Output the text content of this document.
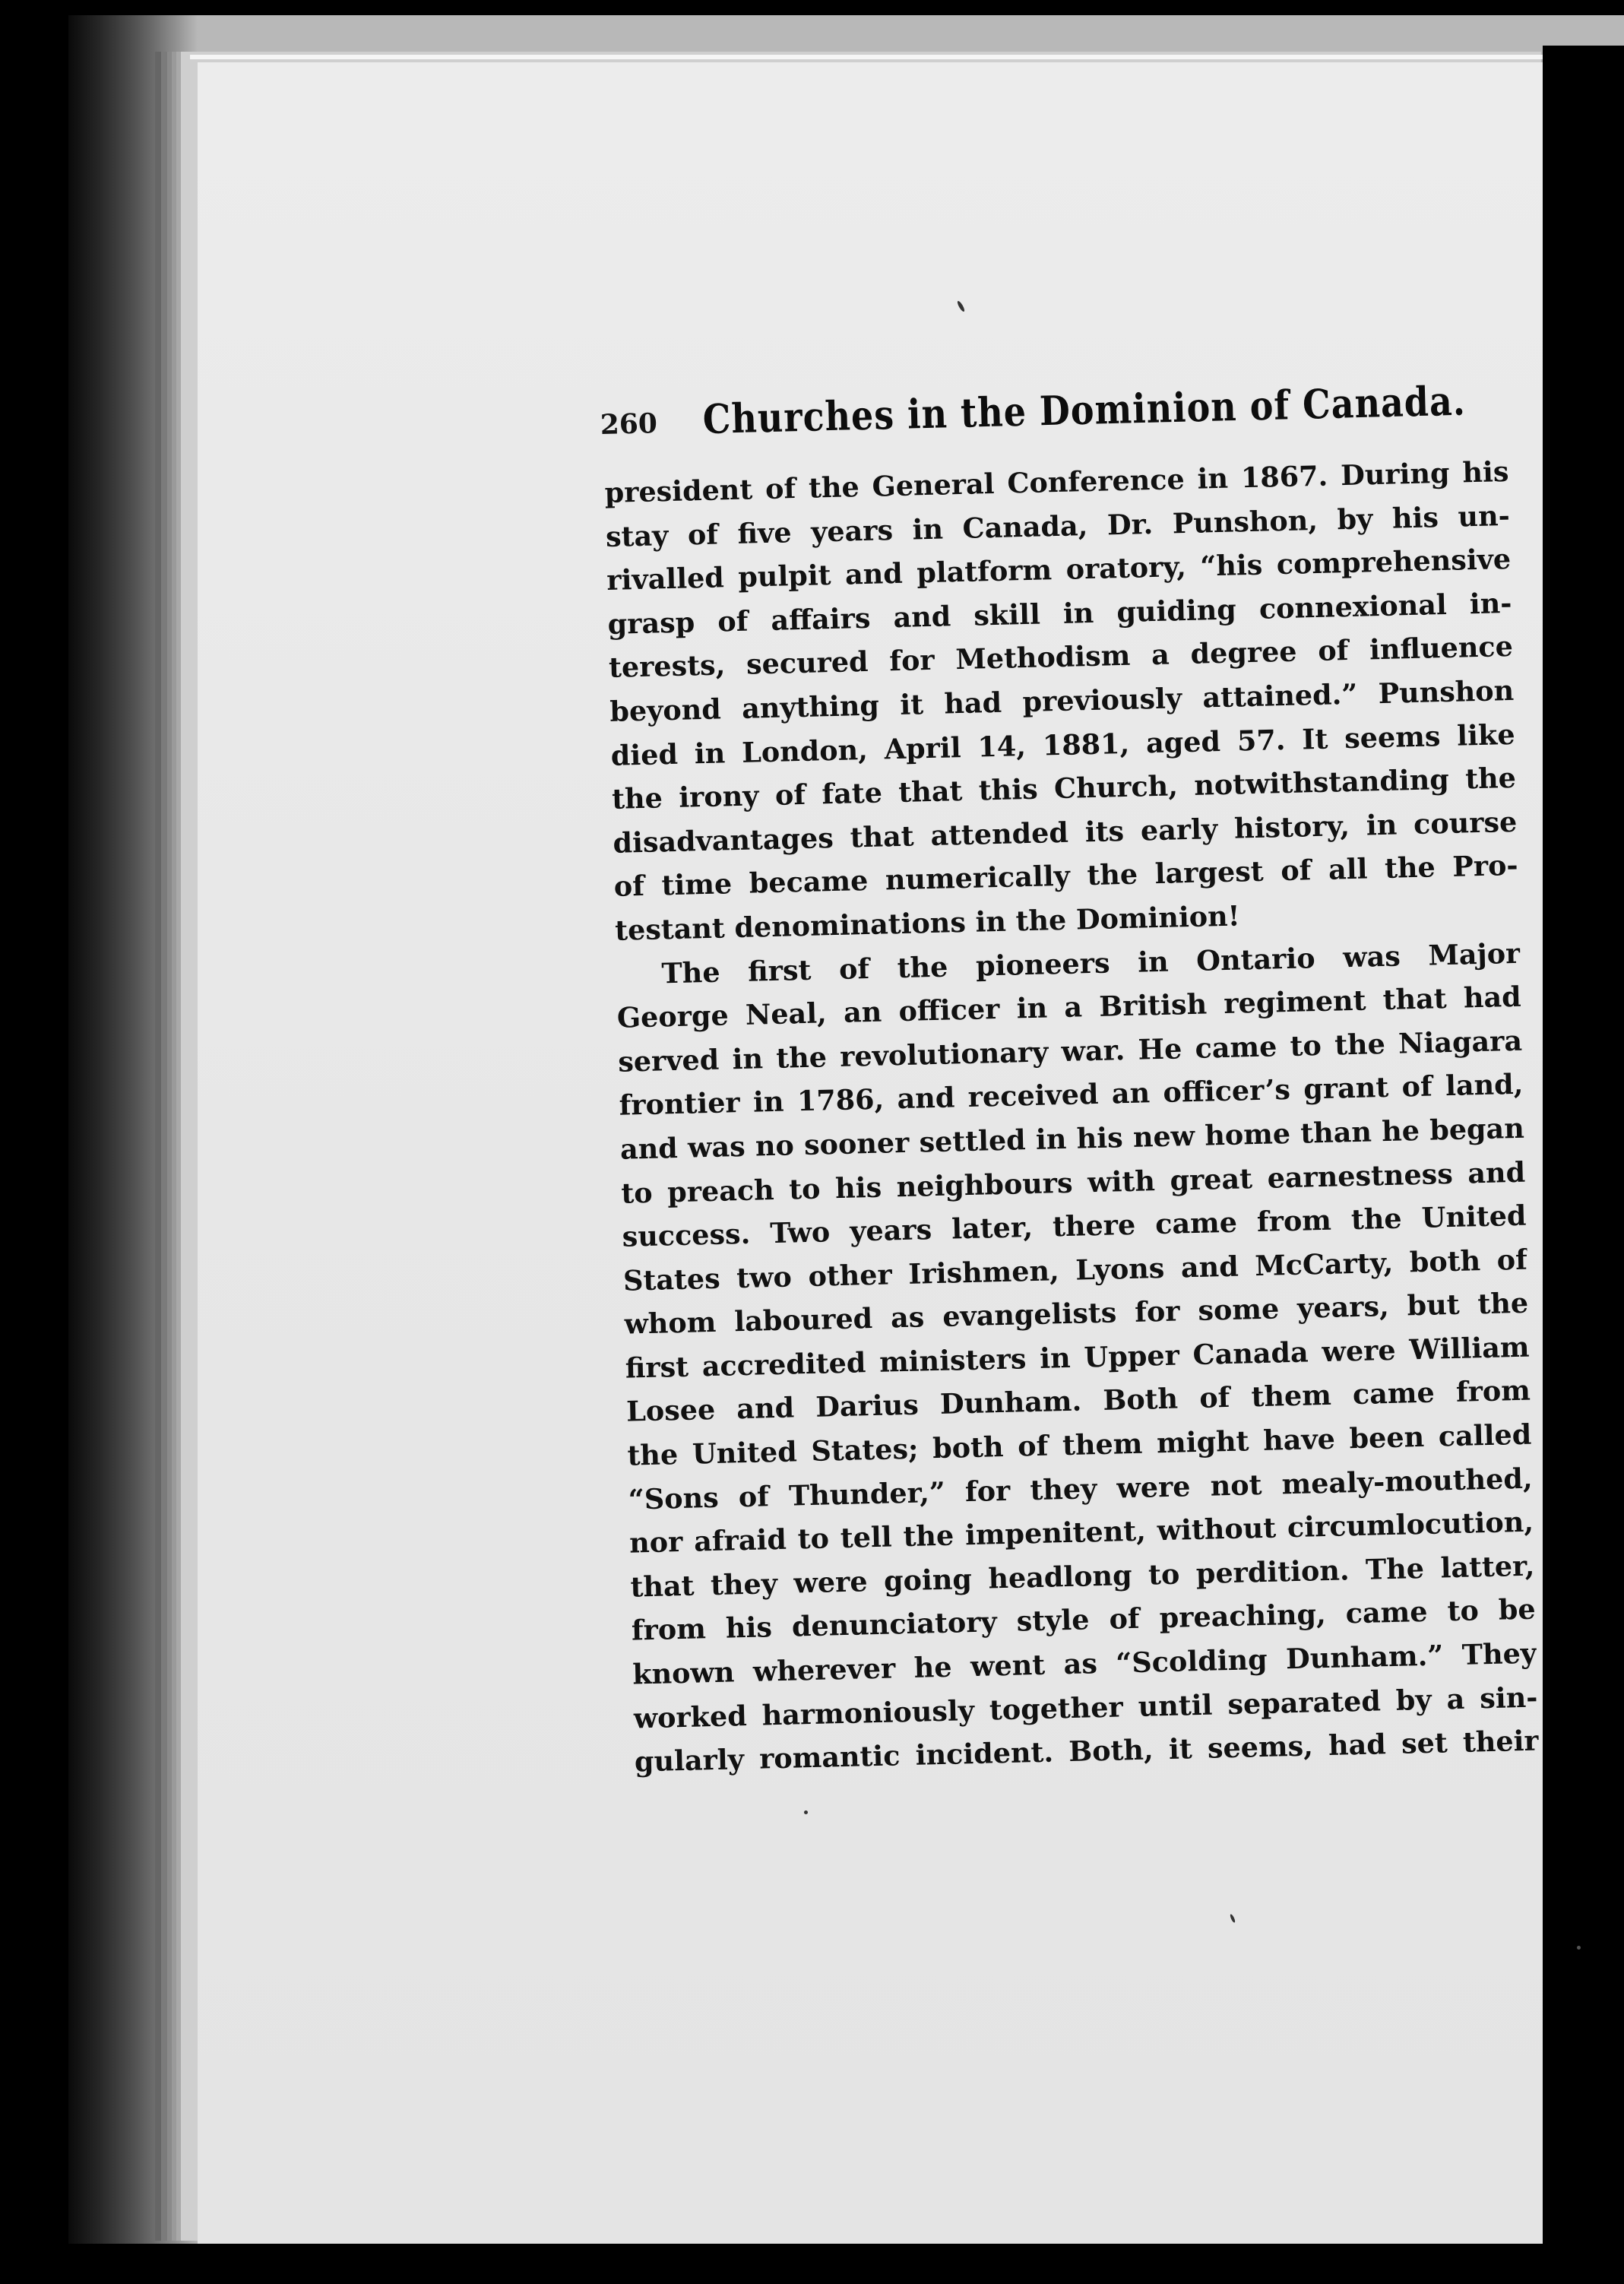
260 Churches in the Dominion of Canada.
president of the General Conference in 1867. During his
stay of five years in Canada, Dr. Punshon, by his un-
rivalled pulpit and platform oratory, “his comprehensive
grasp of affairs and skill in guiding connexional in-
terests, secured for Methodism a degree of influence
beyond anything it had previously attained.” Punshon
died in London, April 14, 1881, aged 57. It seems like
the irony of fate that this Church, notwithstanding the
disadvantages that attended its early history, in course
of time became numerically the largest of all the Pro-
testant denominations in the Dominion!
The first of the pioneers in Ontario was Major
George Neal, an officer in a British regiment that had
served in the revolutionary war. He came to the Niagara
frontier in 1786, and received an officer’s grant of land,
and was no sooner settled in his new home than he began
to preach to his neighbours with great earnestness and
success. Two years later, there came from the United
States two other Irishmen, Lyons and McCarty, both of
whom laboured as evangelists for some years, but the
first accredited ministers in Upper Canada were William
Losee and Darius Dunham. Both of them came from
the United States; both of them might have been called
“Sons of Thunder,” for they were not mealy-mouthed,
nor afraid to tell the impenitent, without circumlocution,
that they were going headlong to perdition. The latter,
from his denunciatory style of preaching, came to be
known wherever he went as “Scolding Dunham.” They
worked harmoniously together until separated by a sin-
gularly romantic incident. Both, it seems, had set their
